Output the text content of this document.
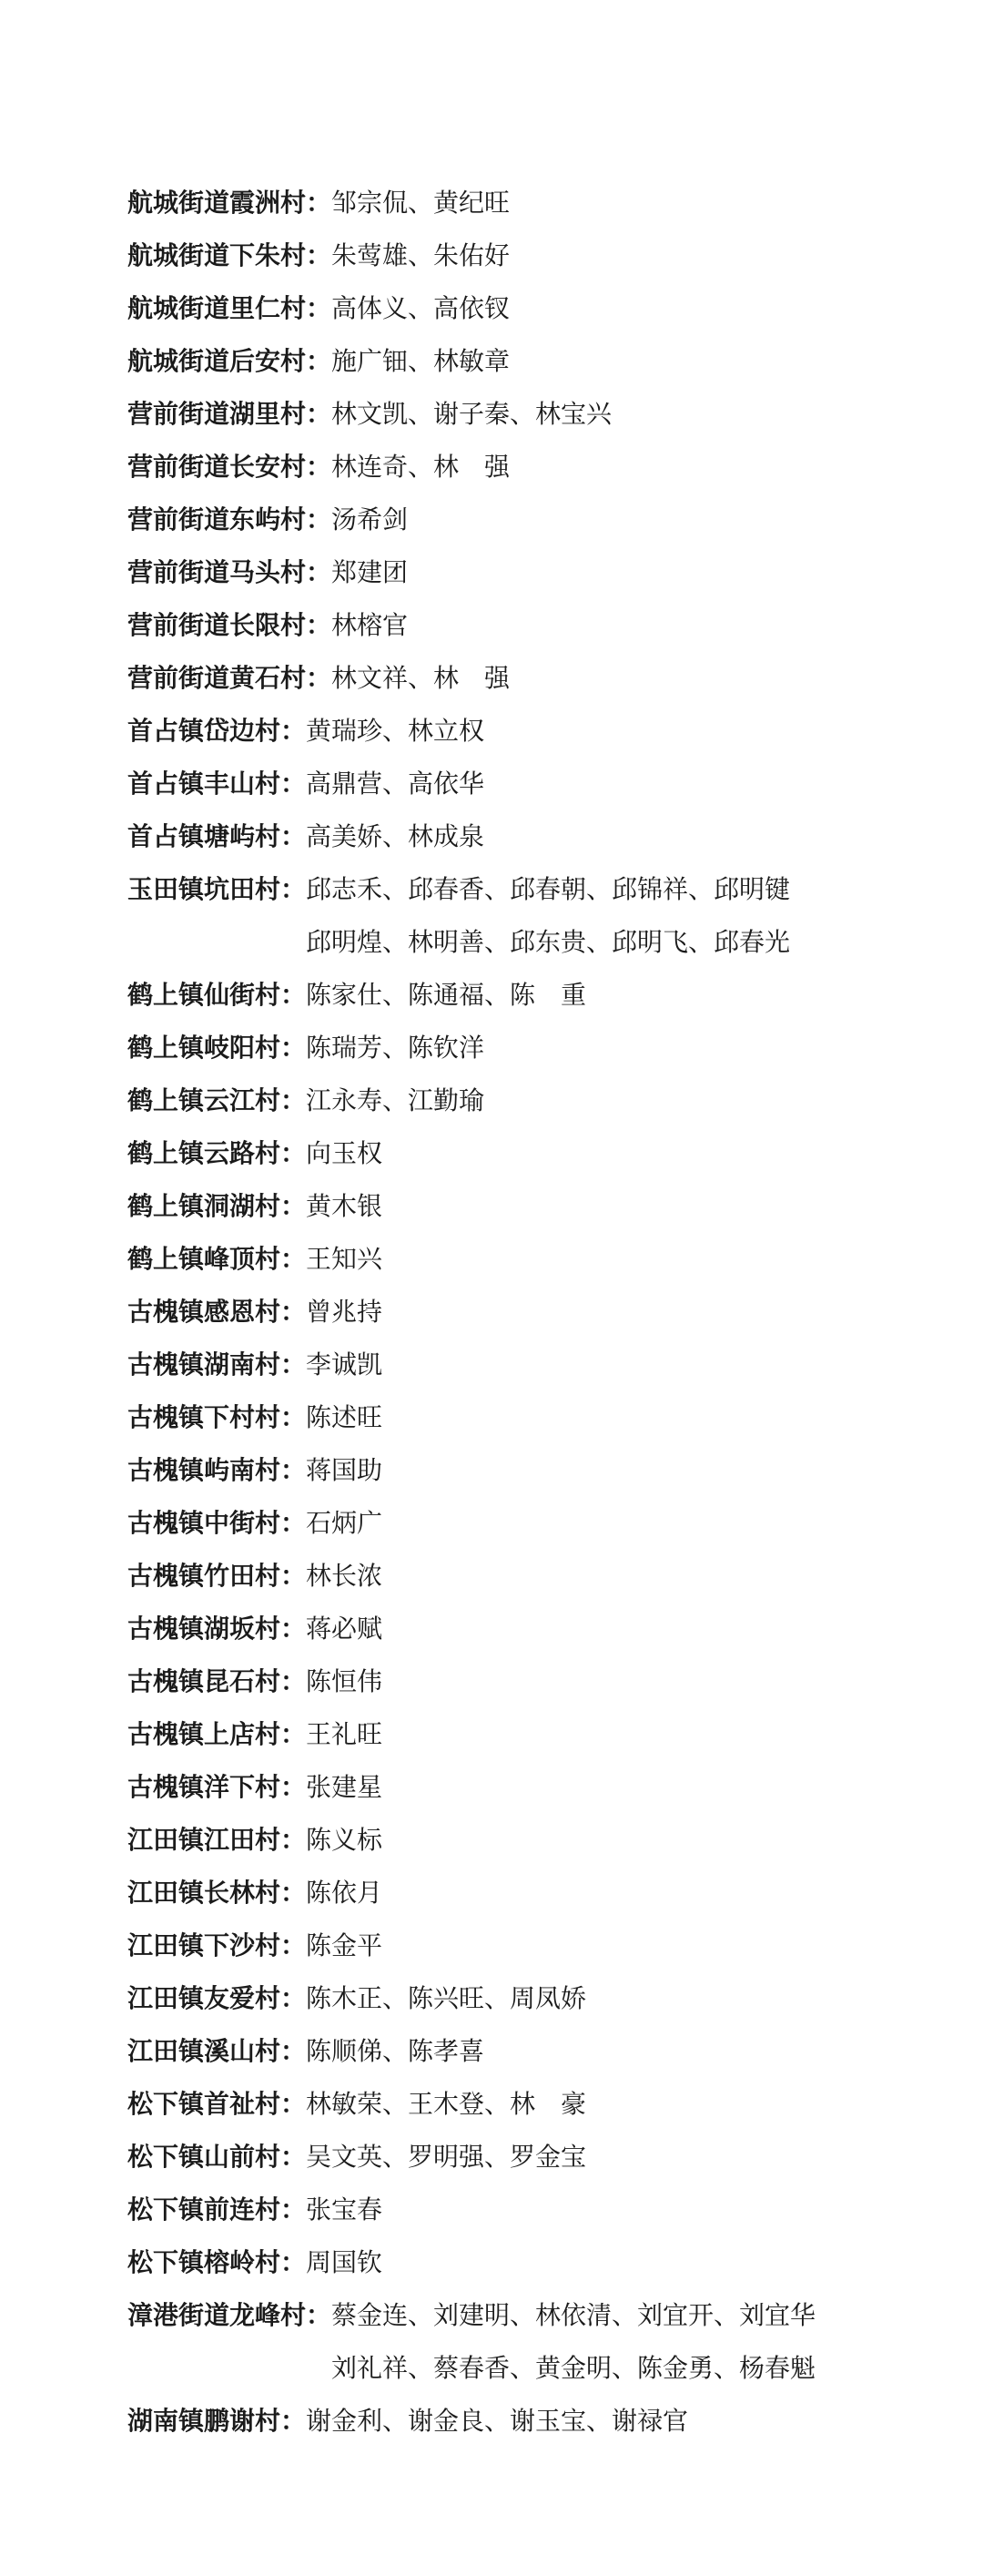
航城街道霞洲村： 邹宗侃、黄纪旺
航城街道下朱村： 朱莺雄、朱佑好
航城街道里仁村： 高体义、高依钗
航城街道后安村： 施广钿、林敏章
营前街道湖里村： 林文凯、谢子秦、林宝兴
营前街道长安村： 林连奇、林　强
营前街道东屿村： 汤希剑
营前街道马头村： 郑建团
营前街道长限村： 林榕官
营前街道黄石村： 林文祥、林　强
首占镇岱边村： 黄瑞珍、林立权
首占镇丰山村： 高鼎营、高依华
首占镇塘屿村： 高美娇、林成泉
玉田镇坑田村： 邱志禾、邱春香、邱春朝、邱锦祥、邱明键
邱明煌、林明善、邱东贵、邱明飞、邱春光
鹤上镇仙街村： 陈家仕、陈通福、陈　重
鹤上镇岐阳村： 陈瑞芳、陈钦洋
鹤上镇云江村： 江永寿、江勤瑜
鹤上镇云路村： 向玉权
鹤上镇洞湖村： 黄木银
鹤上镇峰顶村： 王知兴
古槐镇感恩村： 曾兆持
古槐镇湖南村： 李诚凯
古槐镇下村村： 陈述旺
古槐镇屿南村： 蒋国助
古槐镇中街村： 石炳广
古槐镇竹田村： 林长浓
古槐镇湖坂村： 蒋必赋
古槐镇昆石村： 陈恒伟
古槐镇上店村： 王礼旺
古槐镇洋下村： 张建星
江田镇江田村： 陈义标
江田镇长林村： 陈依月
江田镇下沙村： 陈金平
江田镇友爱村： 陈木正、陈兴旺、周凤娇
江田镇溪山村： 陈顺俤、陈孝喜
松下镇首祉村： 林敏荣、王木登、林　豪
松下镇山前村： 吴文英、罗明强、罗金宝
松下镇前连村： 张宝春
松下镇榕岭村： 周国钦
漳港街道龙峰村： 蔡金连、刘建明、林依清、刘宜开、刘宜华
刘礼祥、蔡春香、黄金明、陈金勇、杨春魁
湖南镇鹏谢村： 谢金利、谢金良、谢玉宝、谢禄官
